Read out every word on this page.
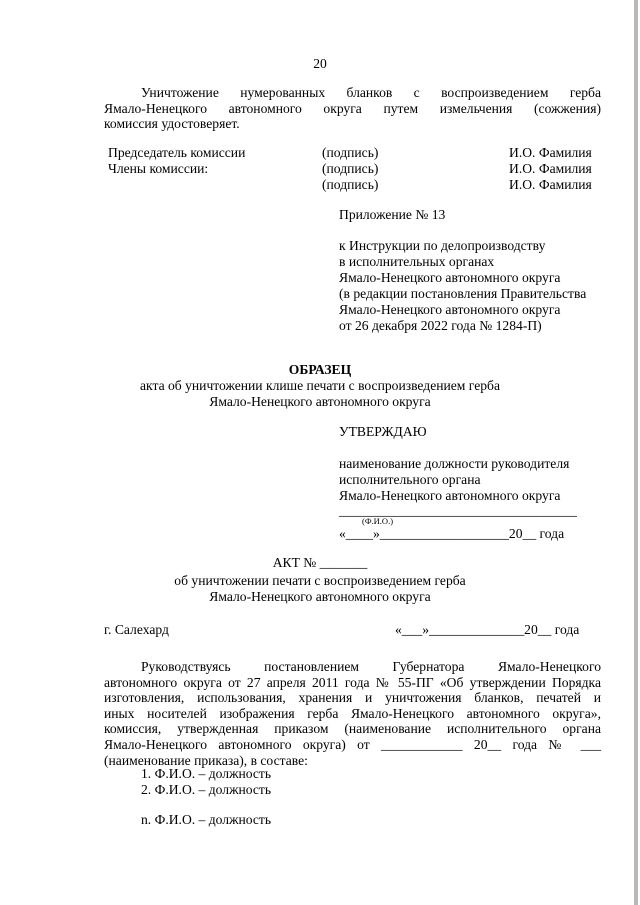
20
Уничтожение нумерованных бланков с воспроизведением герба
Ямало-Ненецкого автономного округа путем измельчения (сожжения)
комиссия удостоверяет.
Председатель комиссии
Члены комиссии:
(подпись)
(подпись)
(подпись)
И.О. Фамилия
И.О. Фамилия
И.О. Фамилия
Приложение № 13
к Инструкции по делопроизводству
в исполнительных органах
Ямало-Ненецкого автономного округа
(в редакции постановления Правительства
Ямало-Ненецкого автономного округа
от 26 декабря 2022 года № 1284-П)
ОБРАЗЕЦ
акта об уничтожении клише печати с воспроизведением герба
Ямало-Ненецкого автономного округа
УТВЕРЖДАЮ
наименование должности руководителя
исполнительного органа
Ямало-Ненецкого автономного округа
___________________________________
(Ф.И.О.)
«____»___________________20__ года
АКТ № _______
об уничтожении печати с воспроизведением герба
Ямало-Ненецкого автономного округа
г. Салехард	«___»______________20__ года
Руководствуясь постановлением Губернатора Ямало-Ненецкого
автономного округа от 27 апреля 2011 года № 55-ПГ «Об утверждении Порядка
изготовления, использования, хранения и уничтожения бланков, печатей и
иных носителей изображения герба Ямало-Ненецкого автономного округа»,
комиссия, утвержденная приказом (наименование исполнительного органа
Ямало-Ненецкого автономного округа) от ____________ 20__ года № ___
(наименование приказа), в составе:
1. Ф.И.О. – должность
2. Ф.И.О. – должность
n. Ф.И.О. – должность
